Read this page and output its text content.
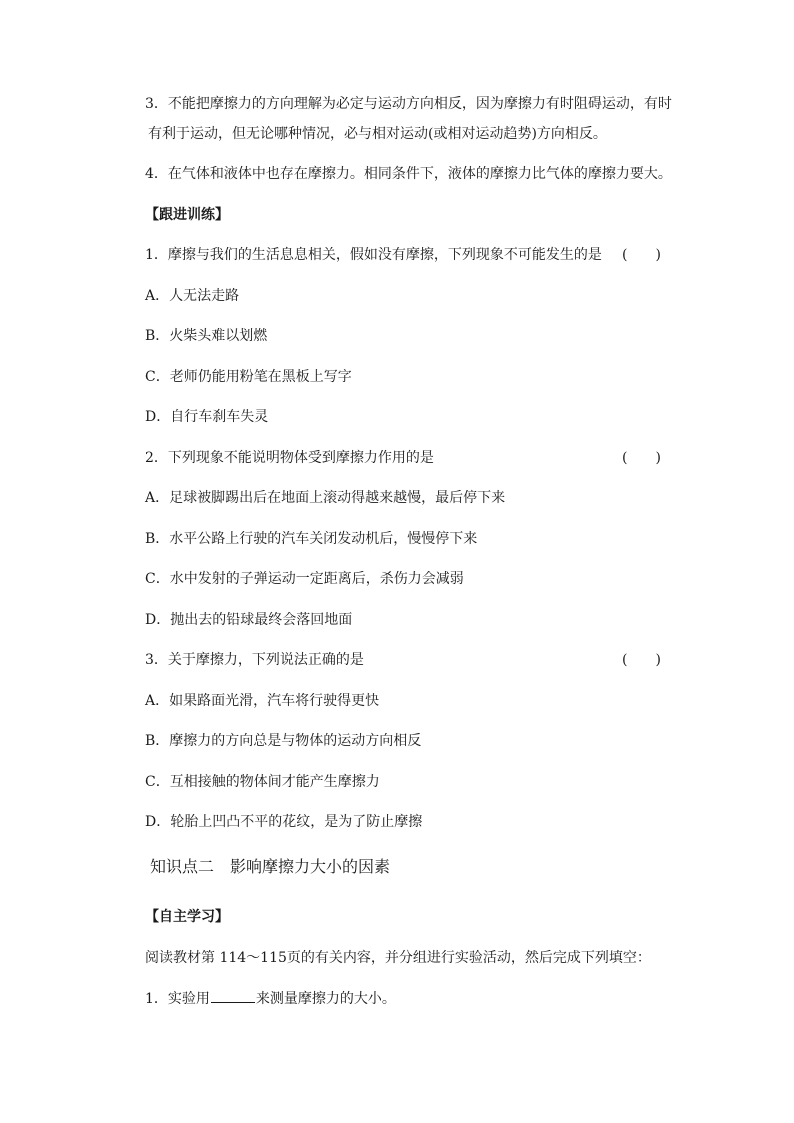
3．不能把摩擦力的方向理解为必定与运动方向相反，因为摩擦力有时阻碍运动，有时
有利于运动，但无论哪种情况，必与相对运动(或相对运动趋势)方向相反。
4．在气体和液体中也存在摩擦力。相同条件下，液体的摩擦力比气体的摩擦力要大。
【跟进训练】
1．摩擦与我们的生活息息相关，假如没有摩擦，下列现象不可能发生的是 (　　)
A．人无法走路
B．火柴头难以划燃
C．老师仍能用粉笔在黑板上写字
D．自行车刹车失灵
2．下列现象不能说明物体受到摩擦力作用的是	(　　)
A．足球被脚踢出后在地面上滚动得越来越慢，最后停下来
B．水平公路上行驶的汽车关闭发动机后，慢慢停下来
C．水中发射的子弹运动一定距离后，杀伤力会减弱
D．抛出去的铅球最终会落回地面
3．关于摩擦力，下列说法正确的是	(　　)
A．如果路面光滑，汽车将行驶得更快
B．摩擦力的方向总是与物体的运动方向相反
C．互相接触的物体间才能产生摩擦力
D．轮胎上凹凸不平的花纹，是为了防止摩擦
知识点二　影响摩擦力大小的因素
【自主学习】
阅读教材第 114～115页的有关内容，并分组进行实验活动，然后完成下列填空：
1．实验用	来测量摩擦力的大小。
